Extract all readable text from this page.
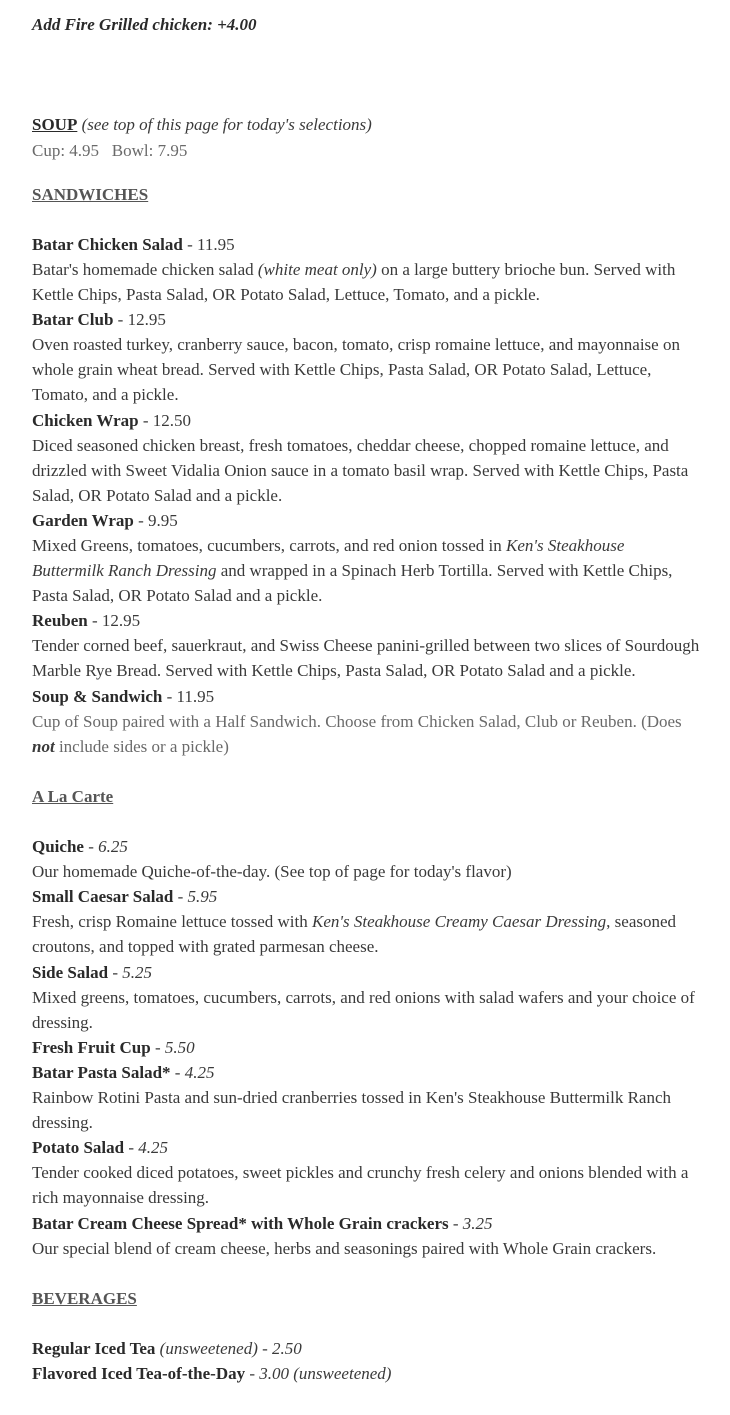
Add Fire Grilled chicken: +4.00
SOUP (see top of this page for today's selections)
Cup: 4.95   Bowl: 7.95
SANDWICHES
Batar Chicken Salad - 11.95
Batar's homemade chicken salad (white meat only) on a large buttery brioche bun. Served with Kettle Chips, Pasta Salad, OR Potato Salad, Lettuce, Tomato, and a pickle.
Batar Club - 12.95
Oven roasted turkey, cranberry sauce, bacon, tomato, crisp romaine lettuce, and mayonnaise on whole grain wheat bread. Served with Kettle Chips, Pasta Salad, OR Potato Salad, Lettuce, Tomato, and a pickle.
Chicken Wrap - 12.50
Diced seasoned chicken breast, fresh tomatoes, cheddar cheese, chopped romaine lettuce, and drizzled with Sweet Vidalia Onion sauce in a tomato basil wrap. Served with Kettle Chips, Pasta Salad, OR Potato Salad and a pickle.
Garden Wrap - 9.95
Mixed Greens, tomatoes, cucumbers, carrots, and red onion tossed in Ken's Steakhouse Buttermilk Ranch Dressing and wrapped in a Spinach Herb Tortilla. Served with Kettle Chips, Pasta Salad, OR Potato Salad and a pickle.
Reuben - 12.95
Tender corned beef, sauerkraut, and Swiss Cheese panini-grilled between two slices of Sourdough Marble Rye Bread. Served with Kettle Chips, Pasta Salad, OR Potato Salad and a pickle.
Soup & Sandwich - 11.95
Cup of Soup paired with a Half Sandwich. Choose from Chicken Salad, Club or Reuben. (Does not include sides or a pickle)
A La Carte
Quiche - 6.25
Our homemade Quiche-of-the-day. (See top of page for today's flavor)
Small Caesar Salad - 5.95
Fresh, crisp Romaine lettuce tossed with Ken's Steakhouse Creamy Caesar Dressing, seasoned croutons, and topped with grated parmesan cheese.
Side Salad - 5.25
Mixed greens, tomatoes, cucumbers, carrots, and red onions with salad wafers and your choice of dressing.
Fresh Fruit Cup - 5.50
Batar Pasta Salad* - 4.25
Rainbow Rotini Pasta and sun-dried cranberries tossed in Ken's Steakhouse Buttermilk Ranch dressing.
Potato Salad - 4.25
Tender cooked diced potatoes, sweet pickles and crunchy fresh celery and onions blended with a rich mayonnaise dressing.
Batar Cream Cheese Spread* with Whole Grain crackers - 3.25
Our special blend of cream cheese, herbs and seasonings paired with Whole Grain crackers.
BEVERAGES
Regular Iced Tea (unsweetened) - 2.50
Flavored Iced Tea-of-the-Day - 3.00 (unsweetened)
